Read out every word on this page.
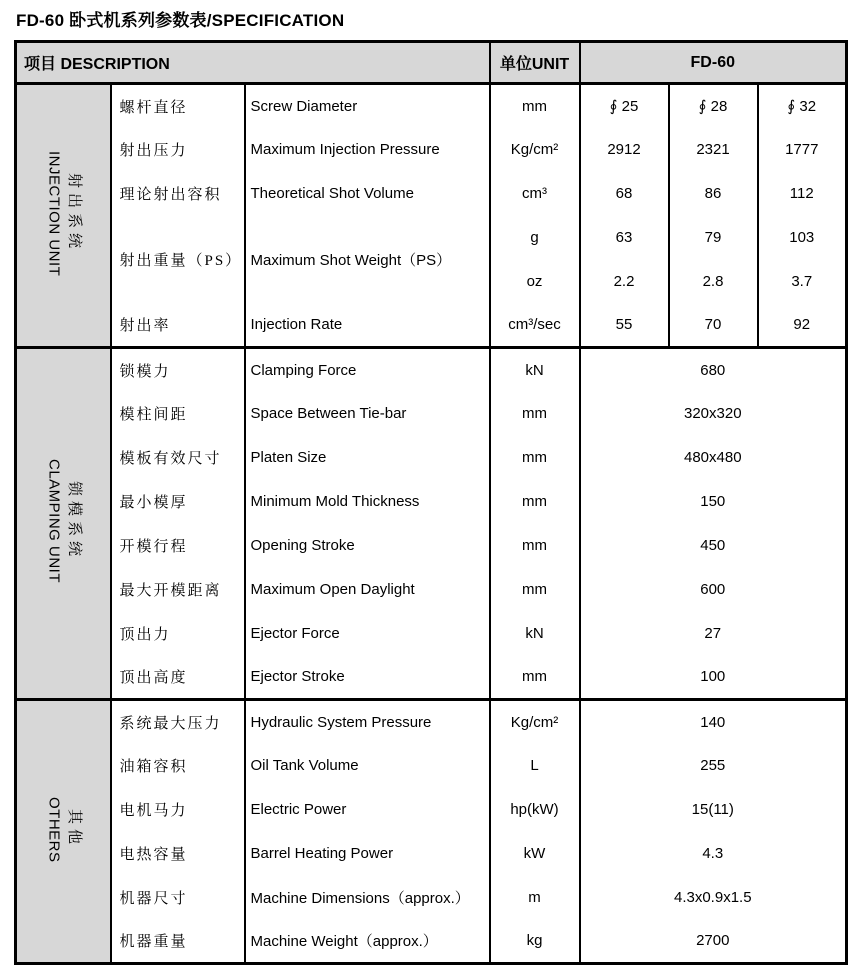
FD-60 卧式机系列参数表/SPECIFICATION
项目 DESCRIPTION			单位UNIT	FD-60		

射出系统
INJECTION UNIT	螺杆直径	Screw Diameter	mm	∮ 25	∮ 28	∮ 32
	射出压力	Maximum Injection Pressure	Kg/cm²	2912	2321	1777
	理论射出容积	Theoretical Shot Volume	cm³	68	86	112
	射出重量（PS）	Maximum Shot Weight（PS）	g	63	79	103
			oz	2.2	2.8	3.7
	射出率	Injection Rate	cm³/sec	55	70	92

锁模系统
CLAMPING UNIT	锁模力	Clamping Force	kN	680		
	模柱间距	Space Between Tie-bar	mm	320x320		
	模板有效尺寸	Platen Size	mm	480x480		
	最小模厚	Minimum Mold Thickness	mm	150		
	开模行程	Opening Stroke	mm	450		
	最大开模距离	Maximum Open Daylight	mm	600		
	顶出力	Ejector Force	kN	27		
	顶出高度	Ejector Stroke	mm	100		

其他
OTHERS	系统最大压力	Hydraulic System Pressure	Kg/cm²	140		
	油箱容积	Oil Tank Volume	L	255		
	电机马力	Electric Power	hp(kW)	15(11)		
	电热容量	Barrel Heating Power	kW	4.3		
	机器尺寸	Machine Dimensions（approx.）	m	4.3x0.9x1.5		
	机器重量	Machine Weight（approx.）	kg	2700		
